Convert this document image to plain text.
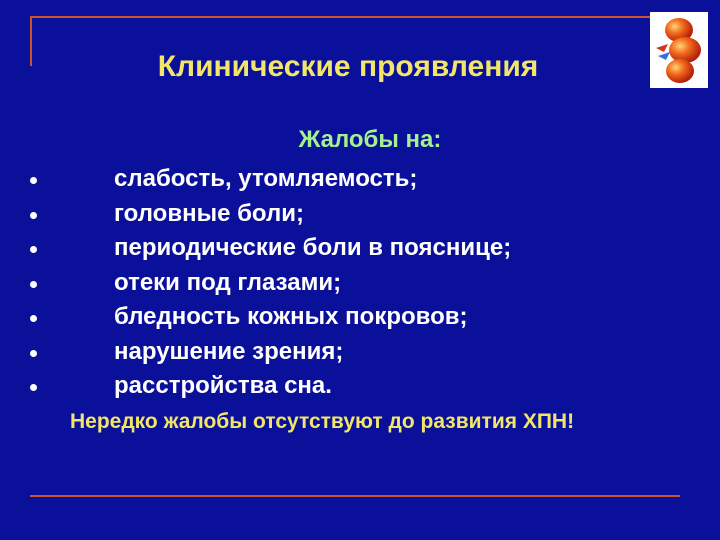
Клинические проявления
Жалобы на:
слабость, утомляемость;
головные боли;
периодические боли в пояснице;
отеки под глазами;
бледность кожных покровов;
нарушение зрения;
расстройства сна.
Нередко жалобы отсутствуют до развития ХПН!
